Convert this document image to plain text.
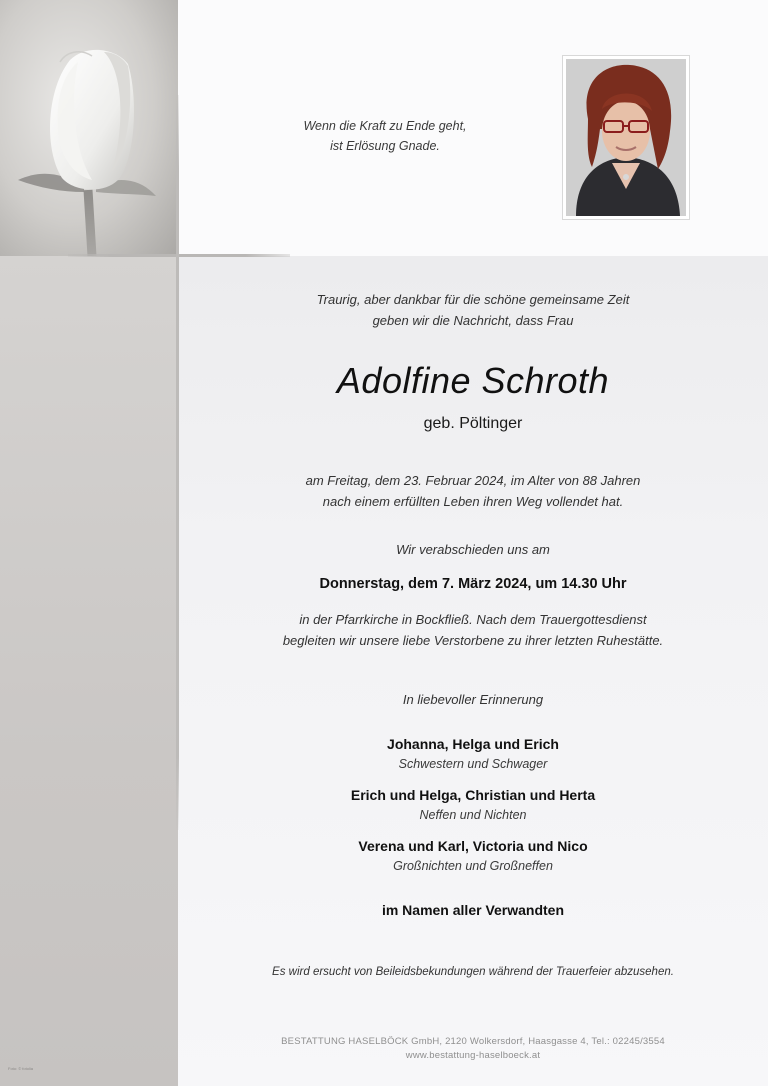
Foto: © fotolia
Wenn die Kraft zu Ende geht,
ist Erlösung Gnade.
Traurig, aber dankbar für die schöne gemeinsame Zeit
geben wir die Nachricht, dass Frau
Adolfine Schroth
geb. Pöltinger
am Freitag, dem 23. Februar 2024, im Alter von 88 Jahren
nach einem erfüllten Leben ihren Weg vollendet hat.
Wir verabschieden uns am
Donnerstag, dem 7. März 2024, um 14.30 Uhr
in der Pfarrkirche in Bockfließ. Nach dem Trauergottesdienst
begleiten wir unsere liebe Verstorbene zu ihrer letzten Ruhestätte.
In liebevoller Erinnerung
Johanna, Helga und Erich
Schwestern und Schwager
Erich und Helga, Christian und Herta
Neffen und Nichten
Verena und Karl, Victoria und Nico
Großnichten und Großneffen
im Namen aller Verwandten
Es wird ersucht von Beileidsbekundungen während der Trauerfeier abzusehen.
BESTATTUNG HASELBÖCK GmbH, 2120 Wolkersdorf, Haasgasse 4, Tel.: 02245/3554
www.bestattung-haselboeck.at
